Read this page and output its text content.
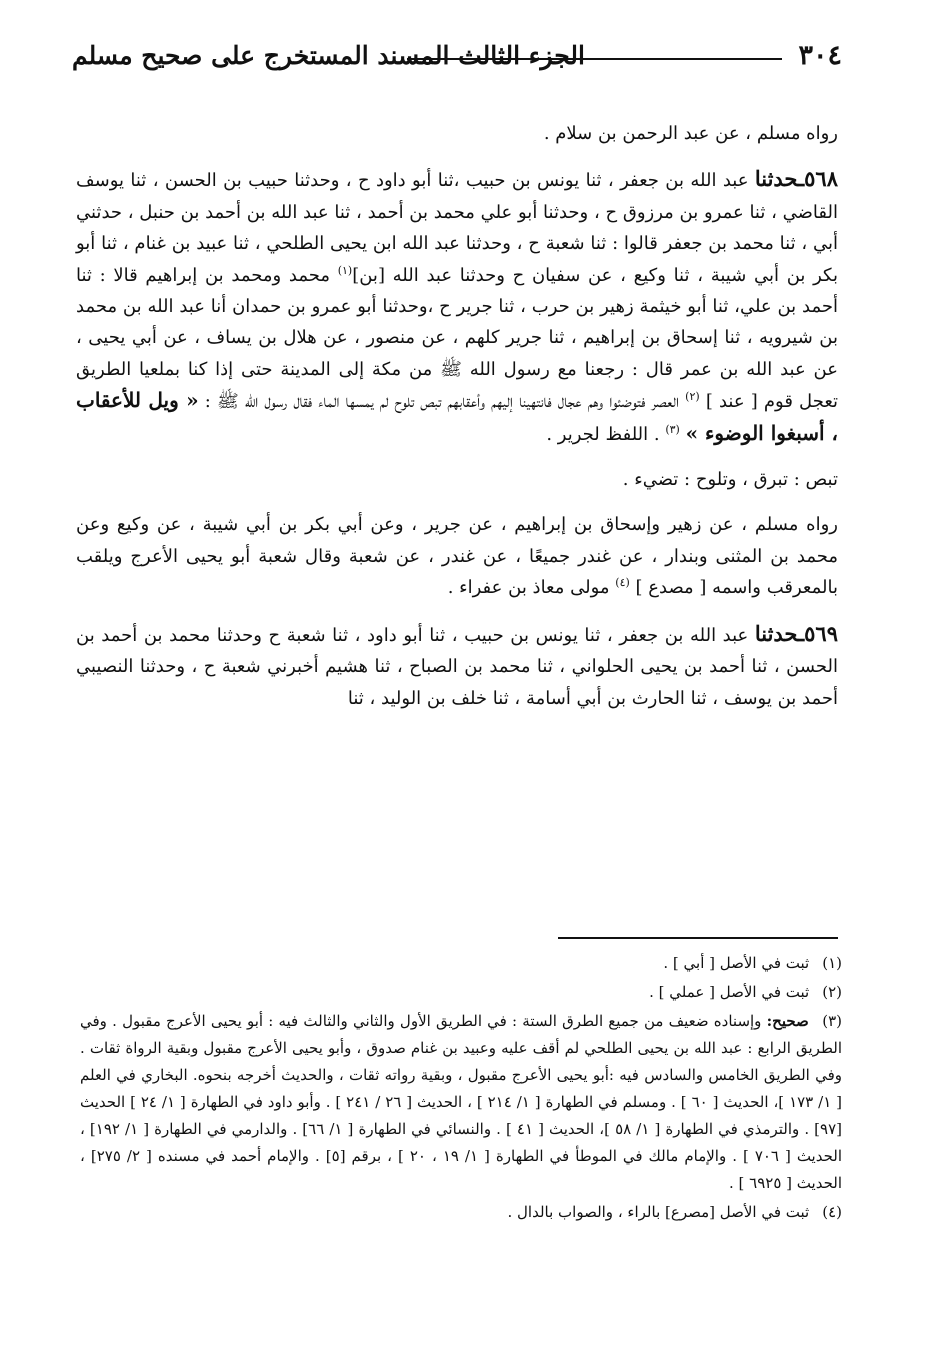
٣٠٤
الجزء الثالث المسند المستخرج على صحيح مسلم

رواه مسلم ، عن عبد الرحمن بن سلام .

٥٦٨ـحدثنا عبد الله بن جعفر ، ثنا يونس بن حبيب ،ثنا أبو داود ح ، وحدثنا حبيب بن الحسن ، ثنا يوسف القاضي ، ثنا عمرو بن مرزوق ح ، وحدثنا أبو علي محمد بن أحمد ، ثنا عبد الله بن أحمد بن حنبل ، حدثني أبي ، ثنا محمد بن جعفر قالوا : ثنا شعبة ح ، وحدثنا عبد الله ابن يحيى الطلحي ، ثنا عبيد بن غنام ، ثنا أبو بكر بن أبي شيبة ، ثنا وكيع ، عن سفيان ح وحدثنا عبد الله [بن]$^{(١)}$ محمد ومحمد بن إبراهيم قالا : ثنا أحمد بن علي، ثنا أبو خيثمة زهير بن حرب ، ثنا جرير ح ،وحدثنا أبو عمرو بن حمدان أنا عبد الله بن محمد بن شيرويه ، ثنا إسحاق بن إبراهيم ، ثنا جرير كلهم ، عن منصور ، عن هلال بن يساف ، عن أبي يحيى ، عن عبد الله بن عمر قال : رجعنا مع رسول الله ﷺ من مكة إلى المدينة حتى إذا كنا بملعيا الطريق تعجل قوم [ عند ] $^{(٢)}$ العصر فتوضئوا وهم عجال فانتهينا إليهم وأعقابهم تبص تلوح لم يمسها الماء فقال رسول الله ﷺ : « ويل للأعقاب ، أسبغوا الوضوء » $^{(٣)}$ . اللفظ لجرير .

تبص : تبرق ، وتلوح : تضيء .

رواه مسلم ، عن زهير وإسحاق بن إبراهيم ، عن جرير ، وعن أبي بكر بن أبي شيبة ، عن وكيع وعن محمد بن المثنى وبندار ، عن غندر جميعًا ، عن غندر ، عن شعبة وقال شعبة أبو يحيى الأعرج ويلقب بالمعرقب واسمه [ مصدع ] $^{(٤)}$ مولى معاذ بن عفراء .

٥٦٩ـحدثنا عبد الله بن جعفر ، ثنا يونس بن حبيب ، ثنا أبو داود ، ثنا شعبة ح وحدثنا محمد بن أحمد بن الحسن ، ثنا أحمد بن يحيى الحلواني ، ثنا محمد بن الصباح ، ثنا هشيم أخبرني شعبة ح ، وحدثنا النصيبي أحمد بن يوسف ، ثنا الحارث بن أبي أسامة ، ثنا خلف بن الوليد ، ثنا

(١) ثبت في الأصل [ أبي ] .

(٢) ثبت في الأصل [ عملي ] .

(٣) صحيح: وإسناده ضعيف من جميع الطرق الستة : في الطريق الأول والثاني والثالث فيه : أبو يحيى الأعرج مقبول . وفي الطريق الرابع : عبد الله بن يحيى الطلحي لم أقف عليه وعبيد بن غنام صدوق ، وأبو يحيى الأعرج مقبول وبقية الرواة ثقات . وفي الطريق الخامس والسادس فيه :أبو يحيى الأعرج مقبول ، وبقية رواته ثقات ، والحديث أخرجه بنحوه. البخاري في العلم [ ١/ ١٧٣ ]، الحديث [ ٦٠ ] . ومسلم في الطهارة [ ١/ ٢١٤ ] ، الحديث [ ٢٦ / ٢٤١ ] . وأبو داود في الطهارة [ ١/ ٢٤ ] الحديث [٩٧] . والترمذي في الطهارة [ ١/ ٥٨ ]، الحديث [ ٤١ ] . والنسائي في الطهارة [ ١/ ٦٦] . والدارمي في الطهارة [ ١/ ١٩٢] ، الحديث [ ٧٠٦ ] . والإمام مالك في الموطأ في الطهارة [ ١/ ١٩ ، ٢٠ ] ، برقم [٥] . والإمام أحمد في مسنده [ ٢/ ٢٧٥] ، الحديث [ ٦٩٢٥ ] .

(٤) ثبت في الأصل [مصرع] بالراء ، والصواب بالدال .
